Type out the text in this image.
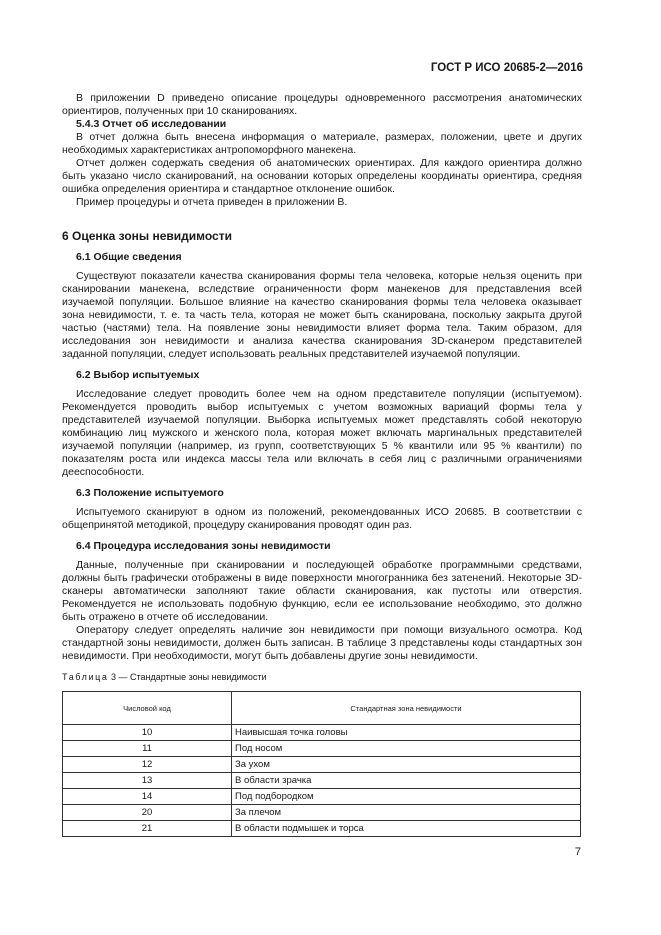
ГОСТ Р ИСО 20685-2—2016

В приложении D приведено описание процедуры одновременного рассмотрения анатомических ориентиров, полученных при 10 сканированиях.

5.4.3 Отчет об исследовании

В отчет должна быть внесена информация о материале, размерах, положении, цвете и других необходимых характеристиках антропоморфного манекена.

Отчет должен содержать сведения об анатомических ориентирах. Для каждого ориентира должно быть указано число сканирований, на основании которых определены координаты ориентира, средняя ошибка определения ориентира и стандартное отклонение ошибок.

Пример процедуры и отчета приведен в приложении В.

6 Оценка зоны невидимости
6.1 Общие сведения

Существуют показатели качества сканирования формы тела человека, которые нельзя оценить при сканировании манекена, вследствие ограниченности форм манекенов для представления всей изучаемой популяции. Большое влияние на качество сканирования формы тела человека оказывает зона невидимости, т. е. та часть тела, которая не может быть сканирована, поскольку закрыта другой частью (частями) тела. На появление зоны невидимости влияет форма тела. Таким образом, для исследования зон невидимости и анализа качества сканирования 3D-сканером представителей заданной популяции, следует использовать реальных представителей изучаемой популяции.

6.2 Выбор испытуемых

Исследование следует проводить более чем на одном представителе популяции (испытуемом). Рекомендуется проводить выбор испытуемых с учетом возможных вариаций формы тела у представителей изучаемой популяции. Выборка испытуемых может представлять собой некоторую комбинацию лиц мужского и женского пола, которая может включать маргинальных представителей изучаемой популяции (например, из групп, соответствующих 5 % квантили или 95 % квантили) по показателям роста или индекса массы тела или включать в себя лиц с различными ограничениями дееспособности.

6.3 Положение испытуемого

Испытуемого сканируют в одном из положений, рекомендованных ИСО 20685. В соответствии с общепринятой методикой, процедуру сканирования проводят один раз.

6.4 Процедура исследования зоны невидимости

Данные, полученные при сканировании и последующей обработке программными средствами, должны быть графически отображены в виде поверхности многогранника без затенений. Некоторые 3D-сканеры автоматически заполняют такие области сканирования, как пустоты или отверстия. Рекомендуется не использовать подобную функцию, если ее использование необходимо, это должно быть отражено в отчете об исследовании.

Оператору следует определять наличие зон невидимости при помощи визуального осмотра. Код стандартной зоны невидимости, должен быть записан. В таблице 3 представлены коды стандартных зон невидимости. При необходимости, могут быть добавлены другие зоны невидимости.

Таблица 3 — Стандартные зоны невидимости
Числовой код	Стандартная зона невидимости
10	Наивысшая точка головы
11	Под носом
12	За ухом
13	В области зрачка
14	Под подбородком
20	За плечом
21	В области подмышек и торса
7
